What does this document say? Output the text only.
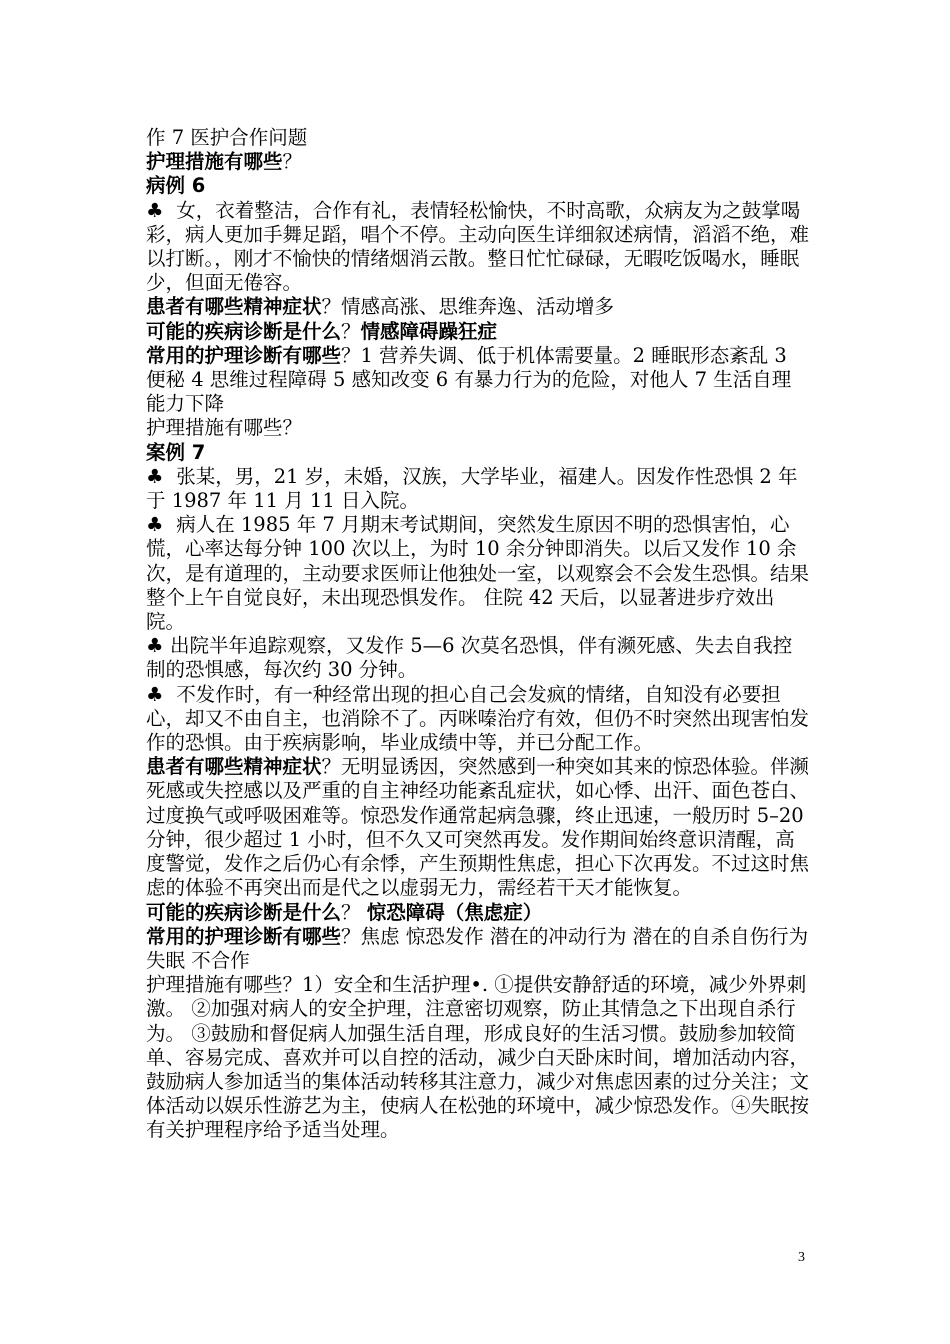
作 7 医护合作问题

护理措施有哪些？

病例 6

♣ 女，衣着整洁，合作有礼，表情轻松愉快，不时高歌，众病友为之鼓掌喝彩，病人更加手舞足蹈，唱个不停。主动向医生详细叙述病情，滔滔不绝，难以打断。，刚才不愉快的情绪烟消云散。整日忙忙碌碌，无暇吃饭喝水，睡眠少，但面无倦容。

患者有哪些精神症状？情感高涨、思维奔逸、活动增多

可能的疾病诊断是什么？情感障碍躁狂症

常用的护理诊断有哪些？1 营养失调、低于机体需要量。2 睡眠形态紊乱 3 便秘 4 思维过程障碍 5 感知改变 6 有暴力行为的危险，对他人 7 生活自理能力下降

护理措施有哪些？

案例 7

♣ 张某，男，21 岁，未婚，汉族，大学毕业，福建人。因发作性恐惧 2 年于 1987 年 11 月 11 日入院。

♣ 病人在 1985 年 7 月期末考试期间，突然发生原因不明的恐惧害怕，心慌，心率达每分钟 100 次以上，为时 10 余分钟即消失。以后又发作 10 余次，是有道理的，主动要求医师让他独处一室，以观察会不会发生恐惧。结果整个上午自觉良好，未出现恐惧发作。 住院 42 天后，以显著进步疗效出院。

♣ 出院半年追踪观察，又发作 5—6 次莫名恐惧，伴有濒死感、失去自我控制的恐惧感，每次约 30 分钟。

♣ 不发作时，有一种经常出现的担心自己会发疯的情绪，自知没有必要担心，却又不由自主，也消除不了。丙咪嗪治疗有效，但仍不时突然出现害怕发作的恐惧。由于疾病影响，毕业成绩中等，并已分配工作。

患者有哪些精神症状？无明显诱因，突然感到一种突如其来的惊恐体验。伴濒死感或失控感以及严重的自主神经功能紊乱症状，如心悸、出汗、面色苍白、过度换气或呼吸困难等。惊恐发作通常起病急骤，终止迅速，一般历时 5–20 分钟，很少超过 1 小时，但不久又可突然再发。发作期间始终意识清醒，高度警觉，发作之后仍心有余悸，产生预期性焦虑，担心下次再发。不过这时焦虑的体验不再突出而是代之以虚弱无力，需经若干天才能恢复。

可能的疾病诊断是什么？ 惊恐障碍（焦虑症）

常用的护理诊断有哪些？焦虑 惊恐发作 潜在的冲动行为 潜在的自杀自伤行为 失眠 不合作

护理措施有哪些？1）安全和生活护理•. ①提供安静舒适的环境，减少外界刺激。 ②加强对病人的安全护理，注意密切观察，防止其情急之下出现自杀行为。 ③鼓励和督促病人加强生活自理，形成良好的生活习惯。鼓励参加较简单、容易完成、喜欢并可以自控的活动，减少白天卧床时间，增加活动内容，鼓励病人参加适当的集体活动转移其注意力，减少对焦虑因素的过分关注；文体活动以娱乐性游艺为主，使病人在松弛的环境中，减少惊恐发作。④失眠按有关护理程序给予适当处理。

3
